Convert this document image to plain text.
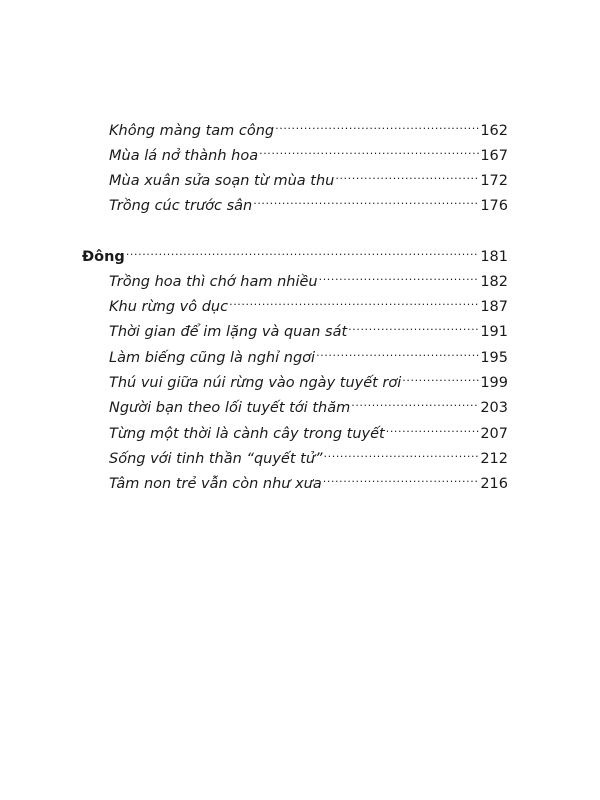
Không màng tam công .....	162
Mùa lá nở thành hoa .....	167
Mùa xuân sửa soạn từ mùa thu .....	172
Trồng cúc trước sân .....	176
Đông .....	181
Trồng hoa thì chớ ham nhiều .....	182
Khu rừng vô dục .....	187
Thời gian để im lặng và quan sát .....	191
Làm biếng cũng là nghỉ ngơi .....	195
Thú vui giữa núi rừng vào ngày tuyết rơi .....	199
Người bạn theo lối tuyết tới thăm .....	203
Từng một thời là cành cây trong tuyết .....	207
Sống với tinh thần “quyết tử” .....	212
Tâm non trẻ vẫn còn như xưa .....	216
